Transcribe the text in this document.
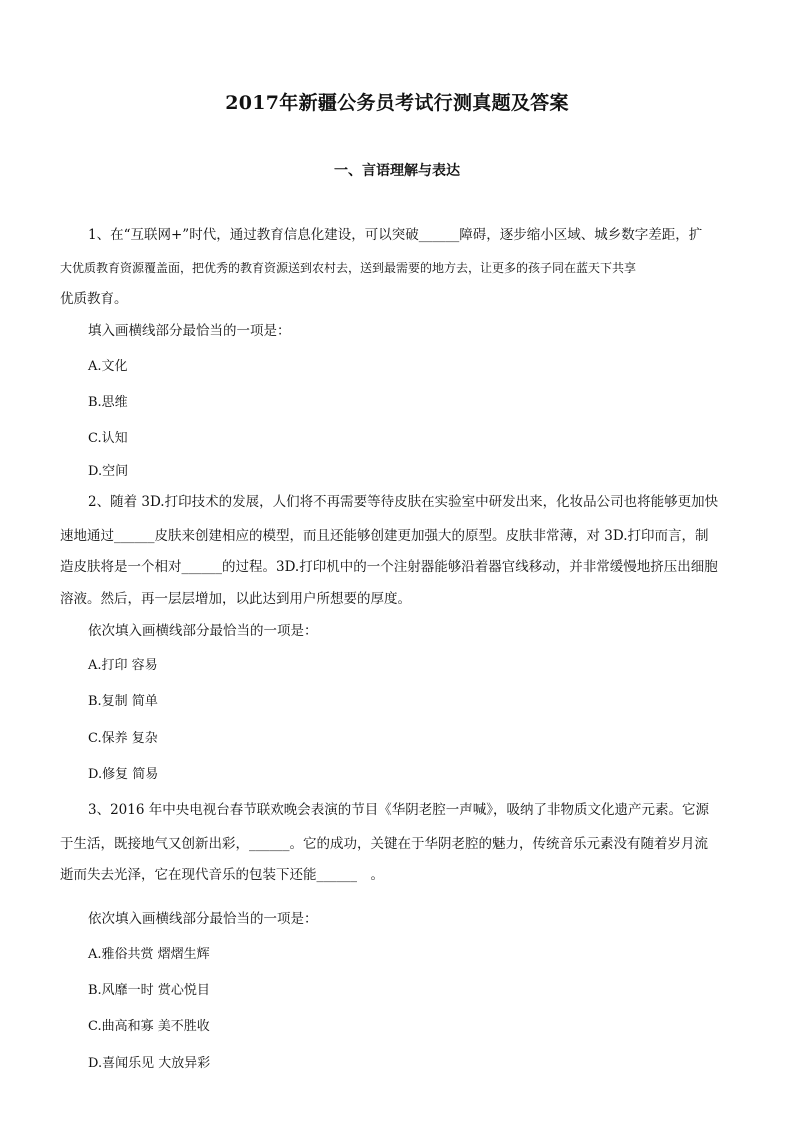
2017年新疆公务员考试行测真题及答案
一、言语理解与表达
1、在“互联网+”时代，通过教育信息化建设，可以突破______障碍，逐步缩小区域、城乡数字差距，扩
大优质教育资源覆盖面，把优秀的教育资源送到农村去，送到最需要的地方去，让更多的孩子同在蓝天下共享
优质教育。
填入画横线部分最恰当的一项是：
A.文化
B.思维
C.认知
D.空间
2、随着 3D.打印技术的发展，人们将不再需要等待皮肤在实验室中研发出来，化妆品公司也将能够更加快
速地通过______皮肤来创建相应的模型，而且还能够创建更加强大的原型。皮肤非常薄，对 3D.打印而言，制
造皮肤将是一个相对______的过程。3D.打印机中的一个注射器能够沿着器官线移动，并非常缓慢地挤压出细胞
溶液。然后，再一层层增加，以此达到用户所想要的厚度。
依次填入画横线部分最恰当的一项是：
A.打印 容易
B.复制 简单
C.保养 复杂
D.修复 简易
3、2016 年中央电视台春节联欢晚会表演的节目《华阴老腔一声喊》，吸纳了非物质文化遗产元素。它源
于生活，既接地气又创新出彩，______。它的成功，关键在于华阴老腔的魅力，传统音乐元素没有随着岁月流
逝而失去光泽，它在现代音乐的包装下还能______　。
依次填入画横线部分最恰当的一项是：
A.雅俗共赏 熠熠生辉
B.风靡一时 赏心悦目
C.曲高和寡 美不胜收
D.喜闻乐见 大放异彩
